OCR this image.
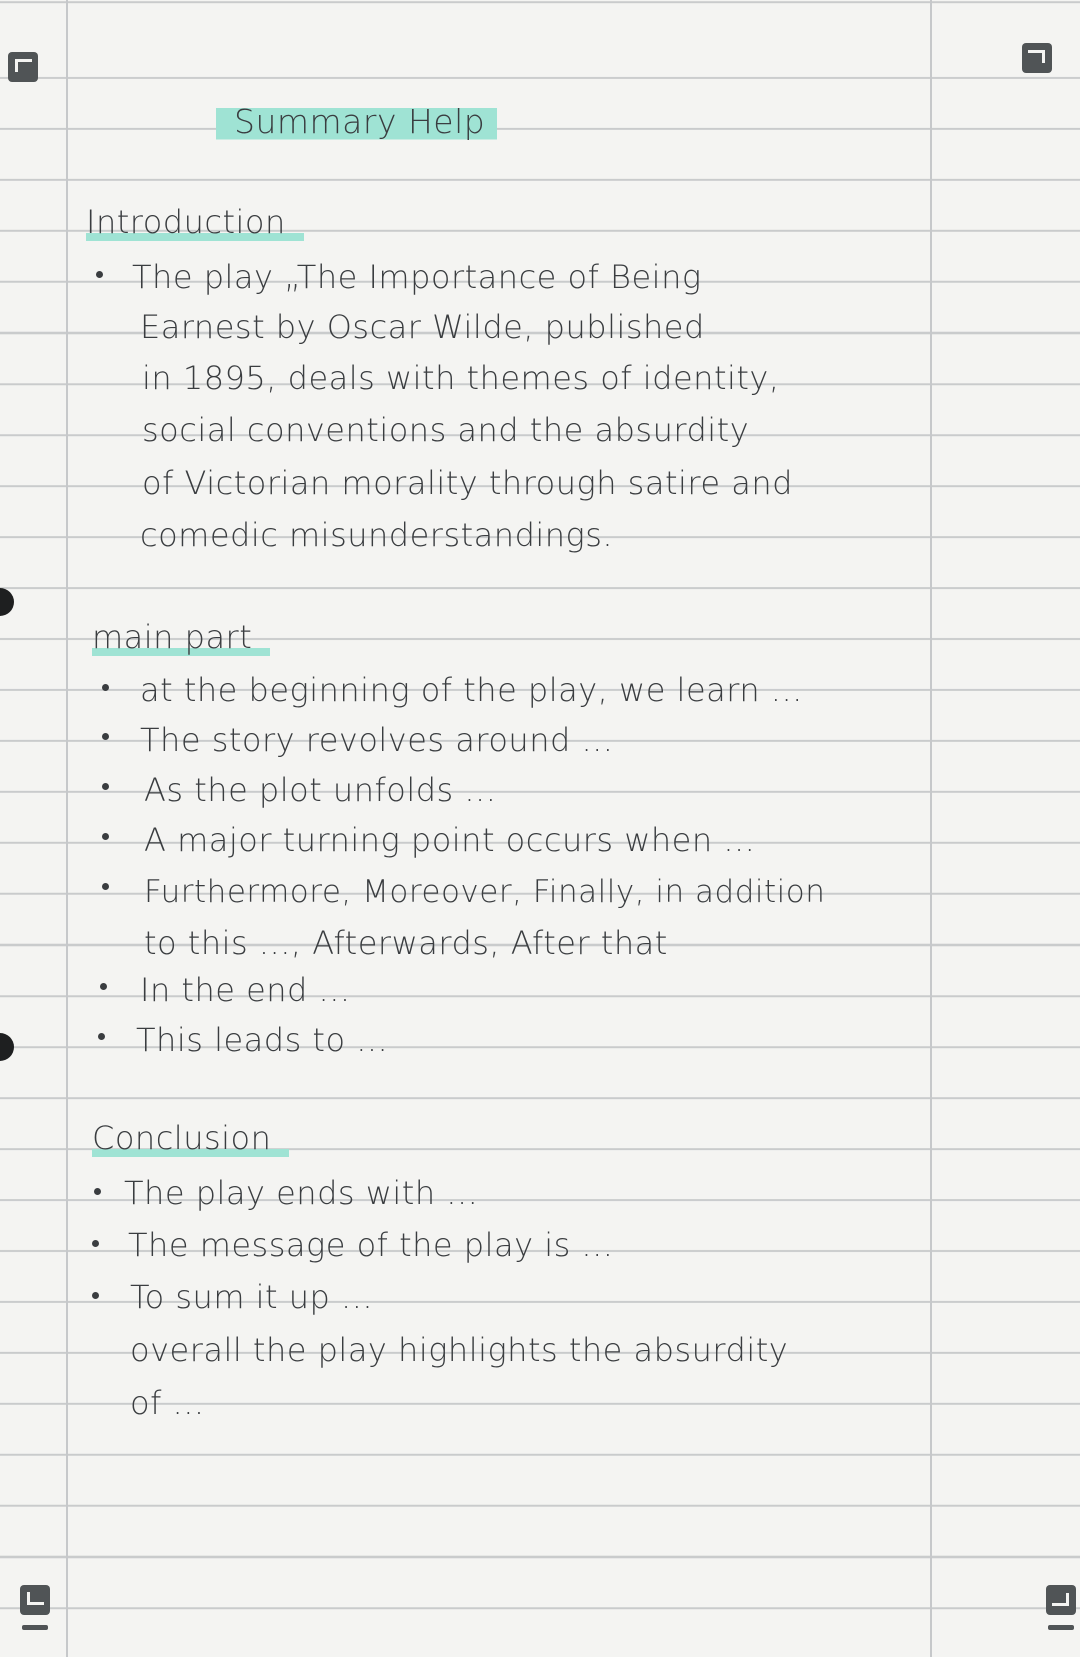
Summary Help
Introduction
The play „The Importance of Being
Earnest by Oscar Wilde, published
in 1895, deals with themes of identity,
social conventions and the absurdity
of Victorian morality through satire and
comedic misunderstandings.
main part
at the beginning of the play, we learn ...
The story revolves around ...
As the plot unfolds ...
A major turning point occurs when ...
Furthermore, Moreover, Finally, in addition
to this ..., Afterwards, After that
In the end ...
This leads to ...
Conclusion
The play ends with ...
The message of the play is ...
To sum it up ...
overall the play highlights the absurdity
of ...
